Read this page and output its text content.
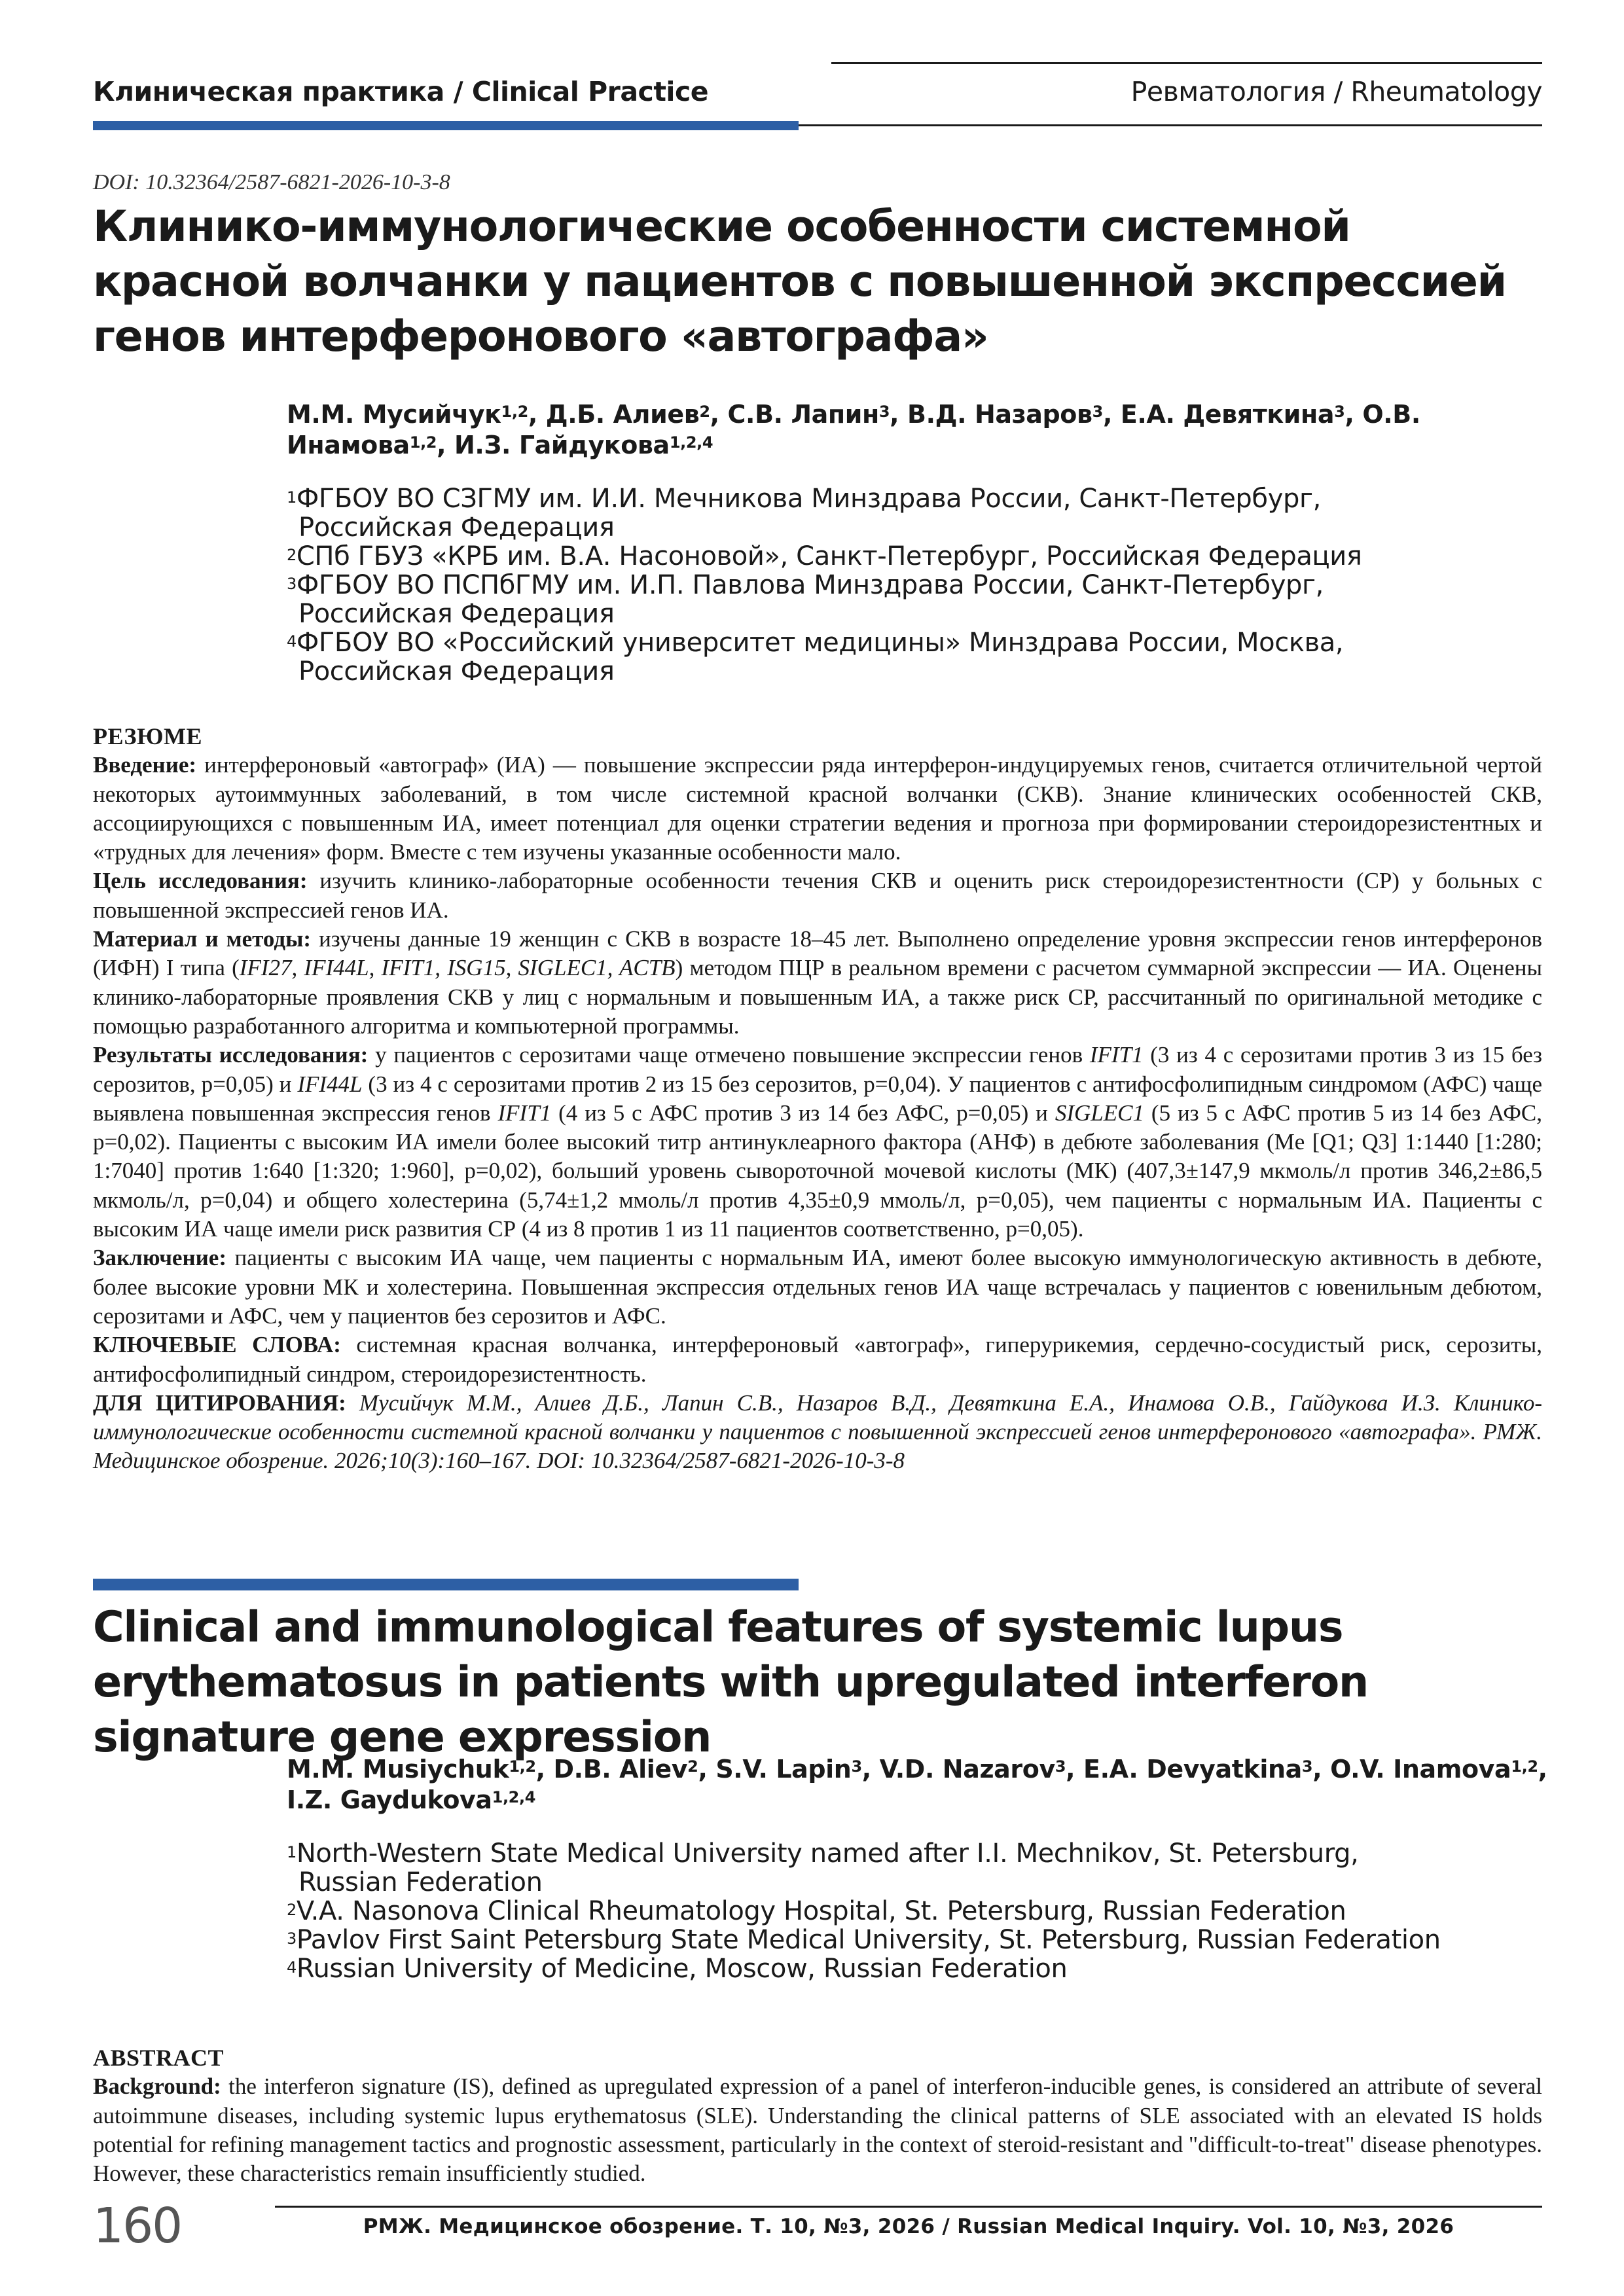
Клиническая практика / Clinical Practice	Ревматология / Rheumatology
DOI: 10.32364/2587-6821-2026-10-3-8
Клинико-иммунологические особенности системной красной волчанки у пациентов с повышенной экспрессией генов интерферонового «автографа»
М.М. Мусийчук$^{1,2}$, Д.Б. Алиев$^2$, С.В. Лапин$^3$, В.Д. Назаров$^3$, Е.А. Девяткина$^3$, О.В. Инамова$^{1,2}$, И.З. Гайдукова$^{1,2,4}$
$^1$ФГБОУ ВО СЗГМУ им. И.И. Мечникова Минздрава России, Санкт-Петербург,
Российская Федерация
$^2$СПб ГБУЗ «КРБ им. В.А. Насоновой», Санкт-Петербург, Российская Федерация
$^3$ФГБОУ ВО ПСПбГМУ им. И.П. Павлова Минздрава России, Санкт-Петербург,
Российская Федерация
$^4$ФГБОУ ВО «Российский университет медицины» Минздрава России, Москва,
Российская Федерация
РЕЗЮМЕ

Введение: интерфероновый «автограф» (ИА) — повышение экспрессии ряда интерферон-индуцируемых генов, считается отличительной чертой некоторых аутоиммунных заболеваний, в том числе системной красной волчанки (СКВ). Знание клинических особенностей СКВ, ассоциирующихся с повышенным ИА, имеет потенциал для оценки стратегии ведения и прогноза при формировании стероидорезистентных и «трудных для лечения» форм. Вместе с тем изучены указанные особенности мало.

Цель исследования: изучить клинико-лабораторные особенности течения СКВ и оценить риск стероидорезистентности (СР) у больных с повышенной экспрессией генов ИА.

Материал и методы: изучены данные 19 женщин с СКВ в возрасте 18–45 лет. Выполнено определение уровня экспрессии генов интерферонов (ИФН) I типа (IFI27, IFI44L, IFIT1, ISG15, SIGLEC1, ACTB) методом ПЦР в реальном времени с расчетом суммарной экспрессии — ИА. Оценены клинико-лабораторные проявления СКВ у лиц с нормальным и повышенным ИА, а также риск СР, рассчитанный по оригинальной методике с помощью разработанного алгоритма и компьютерной программы.

Результаты исследования: у пациентов с серозитами чаще отмечено повышение экспрессии генов IFIT1 (3 из 4 с серозитами против 3 из 15 без серозитов, p=0,05) и IFI44L (3 из 4 с серозитами против 2 из 15 без серозитов, p=0,04). У пациентов с антифосфолипидным синдромом (АФС) чаще выявлена повышенная экспрессия генов IFIT1 (4 из 5 с АФС против 3 из 14 без АФС, p=0,05) и SIGLEC1 (5 из 5 с АФС против 5 из 14 без АФС, p=0,02). Пациенты с высоким ИА имели более высокий титр антинуклеарного фактора (АНФ) в дебюте заболевания (Me [Q1; Q3] 1:1440 [1:280; 1:7040] против 1:640 [1:320; 1:960], p=0,02), больший уровень сывороточной мочевой кислоты (МК) (407,3±147,9 мкмоль/л против 346,2±86,5 мкмоль/л, p=0,04) и общего холестерина (5,74±1,2 ммоль/л против 4,35±0,9 ммоль/л, p=0,05), чем пациенты с нормальным ИА. Пациенты с высоким ИА чаще имели риск развития СР (4 из 8 против 1 из 11 пациентов соответственно, p=0,05).

Заключение: пациенты с высоким ИА чаще, чем пациенты с нормальным ИА, имеют более высокую иммунологическую активность в дебюте, более высокие уровни МК и холестерина. Повышенная экспрессия отдельных генов ИА чаще встречалась у пациентов с ювенильным дебютом, серозитами и АФС, чем у пациентов без серозитов и АФС.

КЛЮЧЕВЫЕ СЛОВА: системная красная волчанка, интерфероновый «автограф», гиперурикемия, сердечно-сосудистый риск, серозиты, антифосфолипидный синдром, стероидорезистентность.

ДЛЯ ЦИТИРОВАНИЯ: Мусийчук М.М., Алиев Д.Б., Лапин С.В., Назаров В.Д., Девяткина Е.А., Инамова О.В., Гайдукова И.З. Клинико-иммунологические особенности системной красной волчанки у пациентов с повышенной экспрессией генов интерферонового «автографа». РМЖ. Медицинское обозрение. 2026;10(3):160–167. DOI: 10.32364/2587-6821-2026-10-3-8

Clinical and immunological features of systemic lupus erythematosus in patients with upregulated interferon signature gene expression
M.M. Musiychuk$^{1,2}$, D.B. Aliev$^2$, S.V. Lapin$^3$, V.D. Nazarov$^3$, E.A. Devyatkina$^3$, O.V. Inamova$^{1,2}$, I.Z. Gaydukova$^{1,2,4}$
$^1$North-Western State Medical University named after I.I. Mechnikov, St. Petersburg,
Russian Federation
$^2$V.A. Nasonova Clinical Rheumatology Hospital, St. Petersburg, Russian Federation
$^3$Pavlov First Saint Petersburg State Medical University, St. Petersburg, Russian Federation
$^4$Russian University of Medicine, Moscow, Russian Federation
ABSTRACT

Background: the interferon signature (IS), defined as upregulated expression of a panel of interferon-inducible genes, is considered an attribute of several autoimmune diseases, including systemic lupus erythematosus (SLE). Understanding the clinical patterns of SLE associated with an elevated IS holds potential for refining management tactics and prognostic assessment, particularly in the context of steroid-resistant and "difficult-to-treat" disease phenotypes. However, these characteristics remain insufficiently studied.

160	РМЖ. Медицинское обозрение. Т. 10, №3, 2026 / Russian Medical Inquiry. Vol. 10, №3, 2026
